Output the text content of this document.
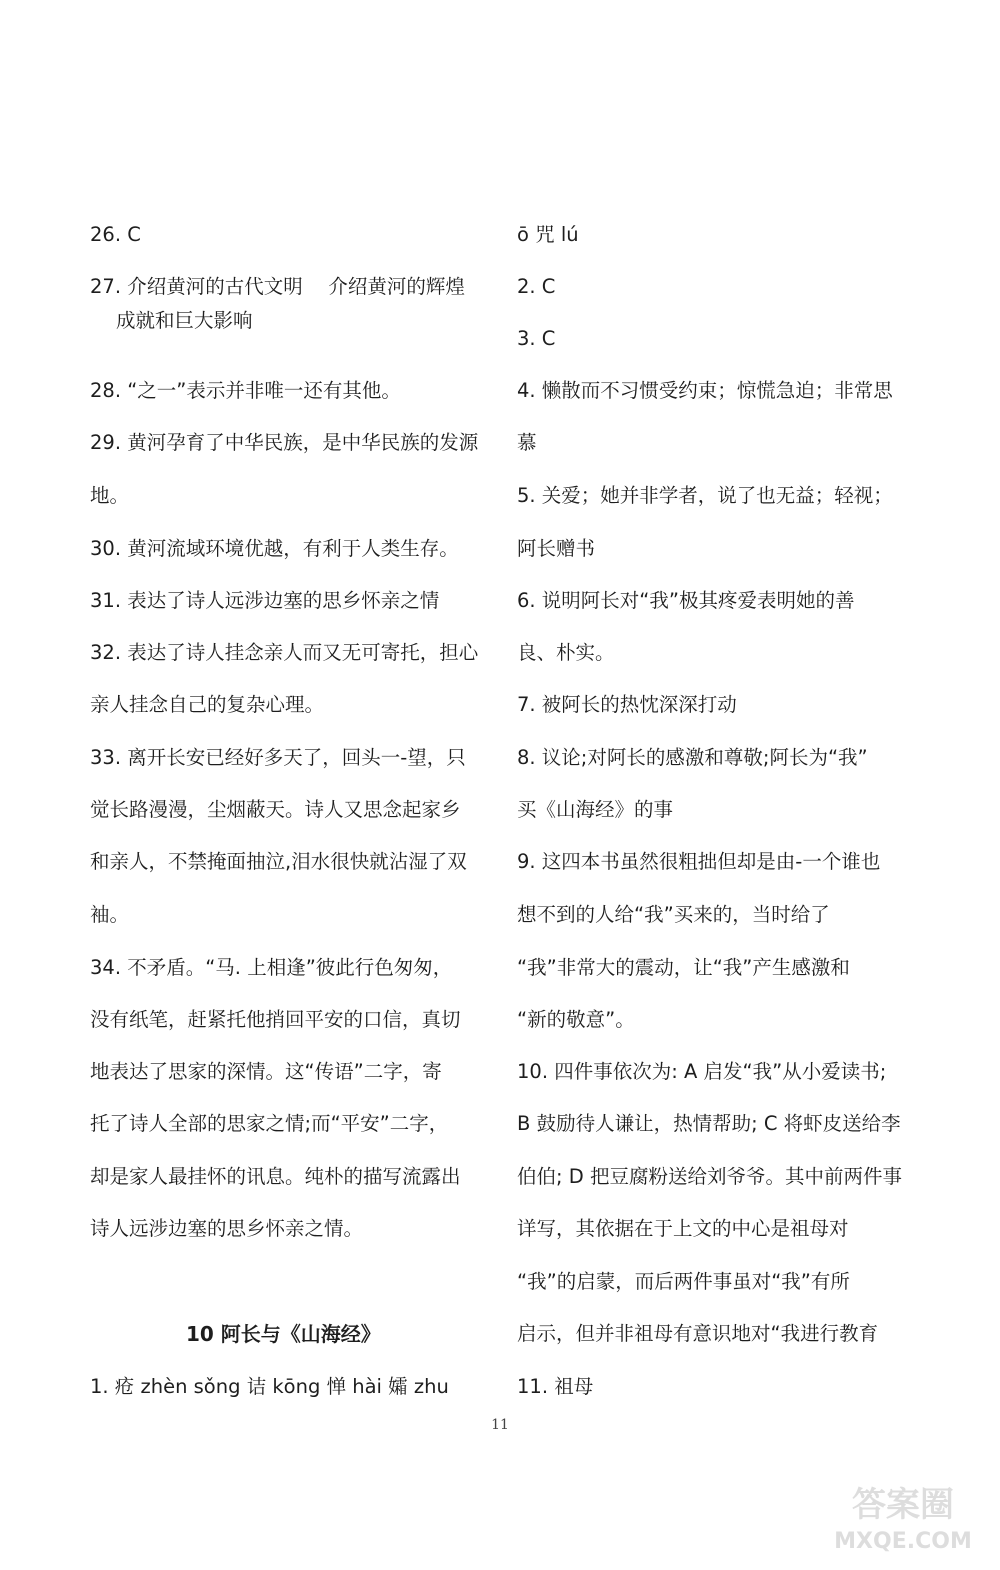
26. C
27. 介绍黄河的古代文明　 介绍黄河的辉煌
成就和巨大影响
28. “之一”表示并非唯一还有其他。
29. 黄河孕育了中华民族，是中华民族的发源
地。
30. 黄河流域环境优越，有利于人类生存。
31. 表达了诗人远涉边塞的思乡怀亲之情
32. 表达了诗人挂念亲人而又无可寄托，担心
亲人挂念自己的复杂心理。
33. 离开长安已经好多天了，回头一-望，只
觉长路漫漫，尘烟蔽天。诗人又思念起家乡
和亲人，不禁掩面抽泣,泪水很快就沾湿了双
袖。
34. 不矛盾。“马. 上相逢”彼此行色匆匆，
没有纸笔，赶紧托他捎回平安的口信，真切
地表达了思家的深情。这“传语”二字，寄
托了诗人全部的思家之情;而“平安”二字，
却是家人最挂怀的讯息。纯朴的描写流露出
诗人远涉边塞的思乡怀亲之情。
10 阿长与《山海经》
1. 疮 zhèn sǒng 诘 kōng 惮 hài 孀 zhu
ō 咒 lú
2. C
3. C
4. 懒散而不习惯受约束；惊慌急迫；非常思
慕
5. 关爱；她并非学者，说了也无益；轻视；
阿长赠书
6. 说明阿长对“我”极其疼爱表明她的善
良、朴实。
7. 被阿长的热忱深深打动
8. 议论;对阿长的感激和尊敬;阿长为“我”
买《山海经》的事
9. 这四本书虽然很粗拙但却是由-一个谁也
想不到的人给“我”买来的，当时给了
“我”非常大的震动，让“我”产生感激和
“新的敬意”。
10. 四件事依次为: A 启发“我”从小爱读书;
B 鼓励待人谦让，热情帮助; C 将虾皮送给李
伯伯; D 把豆腐粉送给刘爷爷。其中前两件事
详写，其依据在于上文的中心是祖母对
“我”的启蒙，而后两件事虽对“我”有所
启示，但并非祖母有意识地对“我进行教育
11. 祖母
11
答案圈
MXQE.COM
